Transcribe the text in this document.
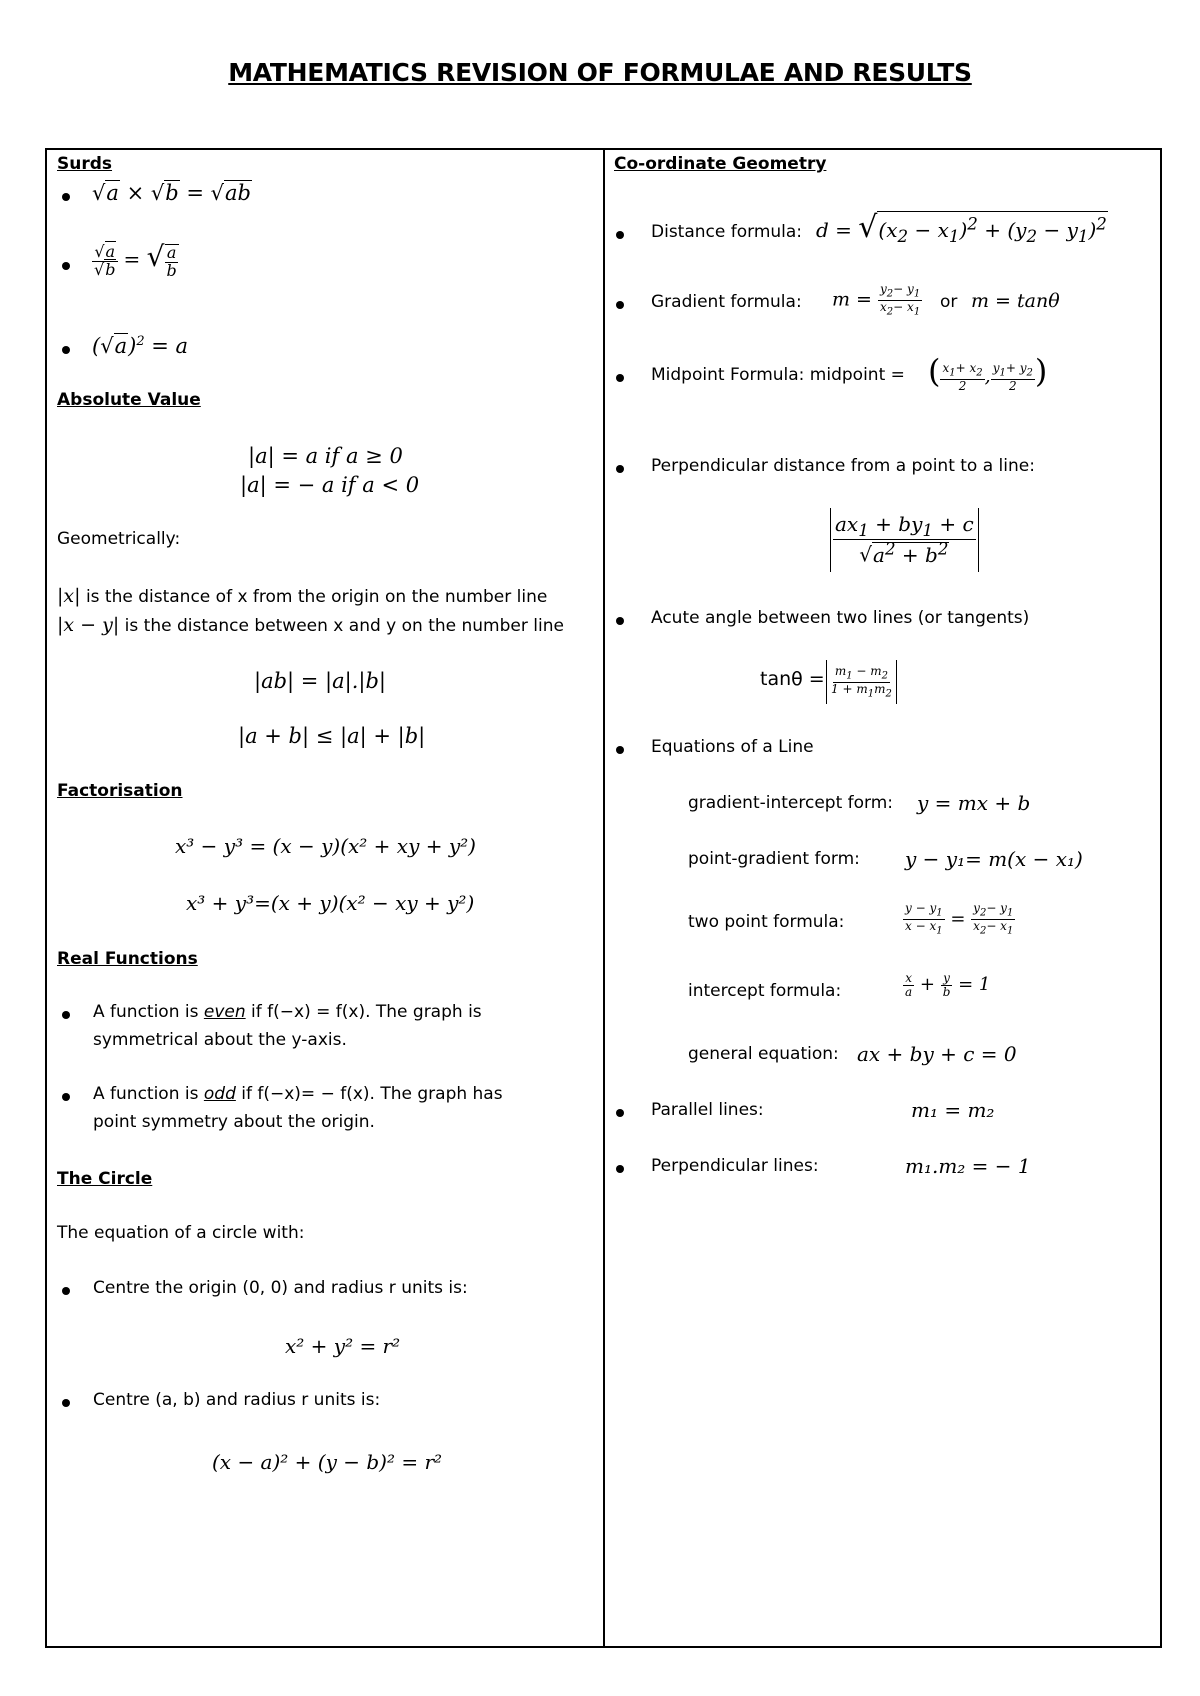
MATHEMATICS REVISION OF FORMULAE AND RESULTS
Surds
√a × √b = √ab
$\frac{√a}{√b}$ = √ $\frac{a}{b}$
$(√a)^2 = a$
Absolute Value
|a| = a if a ≥ 0
|a| = − a if a < 0
Geometrically:
|x| is the distance of x from the origin on the number line
|x − y| is the distance between x and y on the number line
|ab| = |a|.|b|
|a + b| ≤ |a| + |b|
Factorisation
x³ − y³ = (x − y)(x² + xy + y²)
x³ + y³=(x + y)(x² − xy + y²)
Real Functions
A function is even if f(−x) = f(x). The graph is
symmetrical about the y-axis.
A function is odd if f(−x)= − f(x). The graph has
point symmetry about the origin.
The Circle
The equation of a circle with:
Centre the origin (0, 0) and radius r units is:
x² + y² = r²
Centre (a, b) and radius r units is:
(x − a)² + (y − b)² = r²
Co-ordinate Geometry
Distance formula: $d = √(x_2 - x_1)^2 + (y_2 - y_1)^2$
Gradient formula: $m = \frac{y_2- y_1}{x_2- x_1}$ or m = tanθ
Midpoint Formula: midpoint = ( $\frac{x_1+ x_2}{2}$ , $\frac{y_1+ y_2}{2}$ )
Perpendicular distance from a point to a line:
$\frac{ax_1 + by_1 + c}{√a^2 + b^2}$
Acute angle between two lines (or tangents)
$\tan\theta = \frac{m_1 - m_2}{1 + m_1m_2}$
Equations of a Line
gradient-intercept form: y = mx + b
point-gradient form: y − y₁= m(x − x₁)
two point formula:	$\frac{y - y_1}{x - x_1} = \frac{y_2- y_1}{x_2- x_1}$
intercept formula:	$\frac{x}{a} + \frac{y}{b} = 1$
general equation: ax + by + c = 0
Parallel lines:	m₁ = m₂
Perpendicular lines:	m₁.m₂ = − 1
